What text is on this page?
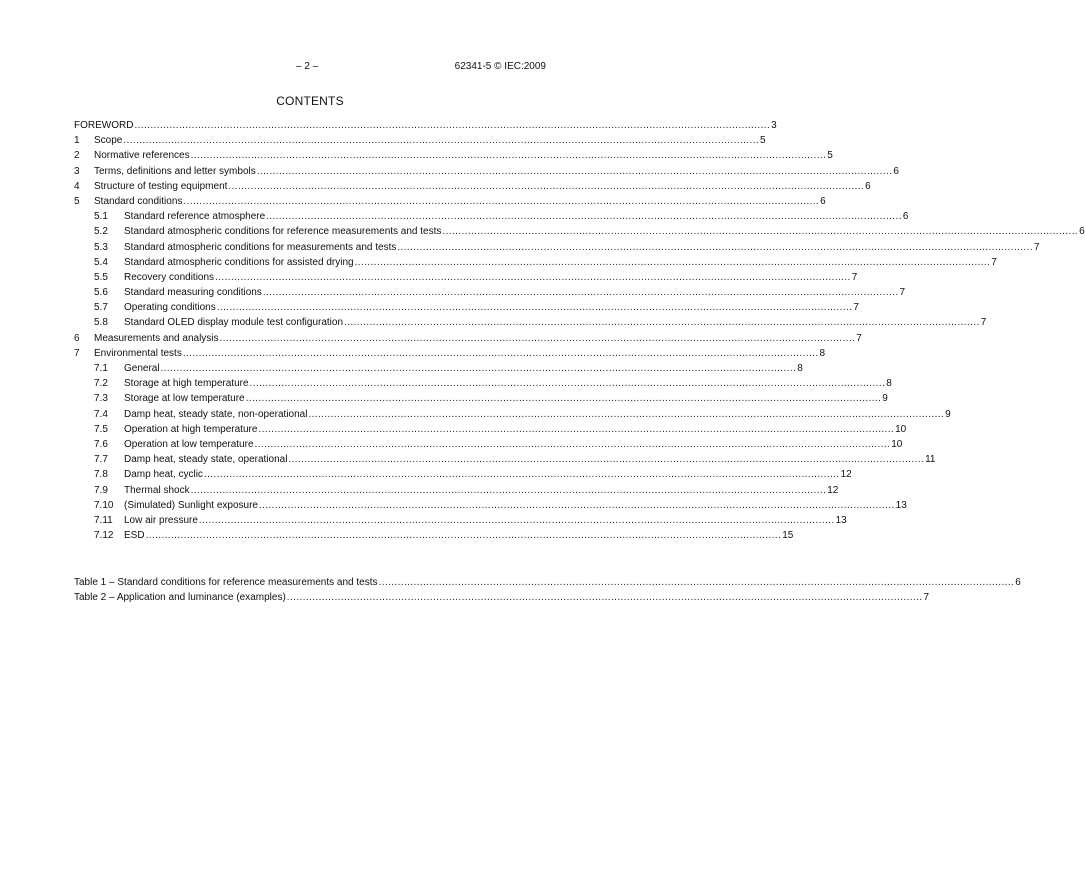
– 2 –	62341-5 © IEC:2009
CONTENTS
FOREWORD ........................................................................................................................................................................................................ 3
1	Scope ........................................................................................................................................................................................................ 5
2	Normative references ........................................................................................................................................................................................................ 5
3	Terms, definitions and letter symbols ........................................................................................................................................................................................................ 6
4	Structure of testing equipment ........................................................................................................................................................................................................ 6
5	Standard conditions ........................................................................................................................................................................................................ 6
5.1	Standard reference atmosphere ........................................................................................................................................................................................................ 6
5.2	Standard atmospheric conditions for reference measurements and tests ........................................................................................................................................................................................................ 6
5.3	Standard atmospheric conditions for measurements and tests ........................................................................................................................................................................................................ 7
5.4	Standard atmospheric conditions for assisted drying ........................................................................................................................................................................................................ 7
5.5	Recovery conditions ........................................................................................................................................................................................................ 7
5.6	Standard measuring conditions ........................................................................................................................................................................................................ 7
5.7	Operating conditions ........................................................................................................................................................................................................ 7
5.8	Standard OLED display module test configuration ........................................................................................................................................................................................................ 7
6	Measurements and analysis ........................................................................................................................................................................................................ 7
7	Environmental tests ........................................................................................................................................................................................................ 8
7.1	General ........................................................................................................................................................................................................ 8
7.2	Storage at high temperature ........................................................................................................................................................................................................ 8
7.3	Storage at low temperature ........................................................................................................................................................................................................ 9
7.4	Damp heat, steady state, non-operational ........................................................................................................................................................................................................ 9
7.5	Operation at high temperature ........................................................................................................................................................................................................ 10
7.6	Operation at low temperature ........................................................................................................................................................................................................ 10
7.7	Damp heat, steady state, operational ........................................................................................................................................................................................................ 11
7.8	Damp heat, cyclic ........................................................................................................................................................................................................ 12
7.9	Thermal shock ........................................................................................................................................................................................................ 12
7.10	(Simulated) Sunlight exposure ........................................................................................................................................................................................................ 13
7.11	Low air pressure ........................................................................................................................................................................................................ 13
7.12	ESD ........................................................................................................................................................................................................ 15
Table 1 – Standard conditions for reference measurements and tests ........................................................................................................................................................................................................ 6
Table 2 – Application and luminance (examples) ........................................................................................................................................................................................................ 7
